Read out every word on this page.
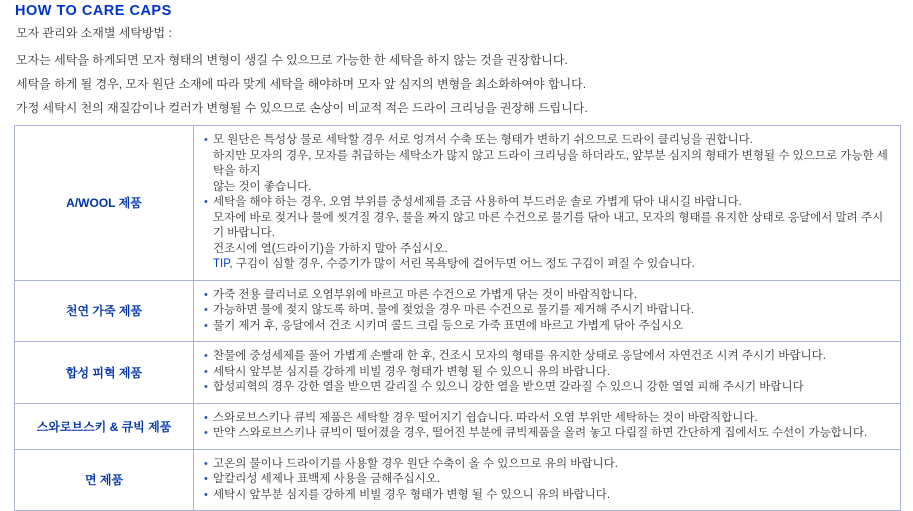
HOW TO CARE CAPS

모자 관리와 소재별 세탁방법 :

모자는 세탁을 하게되면 모자 형태의 변형이 생길 수 있으므로 가능한 한 세탁을 하지 않는 것을 권장합니다.

세탁을 하게 될 경우, 모자 원단 소재에 따라 맞게 세탁을 해야하며 모자 앞 심지의 변형을 최소화하여야 합니다.

가정 세탁시 천의 재질감이나 컬러가 변형될 수 있으므로 손상이 비교적 적은 드라이 크리닝을 권장해 드립니다.

A/WOOL 제품	
• 모 원단은 특성상 물로 세탁할 경우 서로 엉겨서 수축 또는 형태가 변하기 쉬으므로 드라이 클리닝을 권합니다.
하지만 모자의 경우, 모자를 취급하는 세탁소가 많지 않고 드라이 크리닝을 하더라도, 앞부분 심지의 형태가 변형될 수 있으므로 가능한 세탁을 하지
않는 것이 좋습니다.
• 세탁을 해야 하는 경우, 오염 부위를 중성세제를 조금 사용하여 부드러운 솔로 가볍게 닦아 내시길 바랍니다.
모자에 바로 젖거나 물에 씻겨질 경우, 물을 짜지 않고 마른 수건으로 물기를 닦아 내고, 모자의 형태를 유지한 상태로 응달에서 말려 주시기 바랍니다.
건조시에 열(드라이기)을 가하지 말아 주십시오.
TIP, 구김이 심할 경우, 수증기가 많이 서린 목욕탕에 걸어두면 어느 정도 구김이 펴질 수 있습니다.

천연 가죽 제품	
• 가죽 전용 클리너로 오염부위에 바르고 마른 수건으로 가볍게 닦는 것이 바람직합니다.
• 가능하면 물에 젖지 않도록 하며, 물에 젖었을 경우 마른 수건으로 물기를 제거해 주시기 바랍니다.
• 물기 제거 후, 응달에서 건조 시키며 콜드 크림 등으로 가죽 표면에 바르고 가볍게 닦아 주십시오

합성 피혁 제품	
• 찬물에 중성세제를 풀어 가볍게 손빨래 한 후, 건조시 모자의 형태를 유지한 상태로 응달에서 자연건조 시켜 주시기 바랍니다.
• 세탁시 앞부분 심지를 강하게 비빌 경우 형태가 변형 될 수 있으니 유의 바랍니다.
• 합성피혁의 경우 강한 열을 받으면 갈리질 수 있으니 강한 열을 받으면 갈라질 수 있으니 강한 열열 피해 주시기 바랍니다

스와로브스키 & 큐빅 제품	
• 스와로브스키나 큐빅 제품은 세탁할 경우 떨어지기 쉽습니다. 따라서 오염 부위만 세탁하는 것이 바람직합니다.
• 만약 스와로브스키나 큐빅이 떨어졌을 경우, 떨어진 부분에 큐빅제품을 올려 놓고 다림질 하면 간단하게 집에서도 수선이 가능합니다.

면 제품	
• 고온의 물이나 드라이기를 사용할 경우 원단 수축이 올 수 있으므로 유의 바랍니다.
• 알칼리성 세제나 표백제 사용을 금해주십시오.
• 세탁시 앞부분 심지를 강하게 비빌 경우 형태가 변형 될 수 있으니 유의 바랍니다.
